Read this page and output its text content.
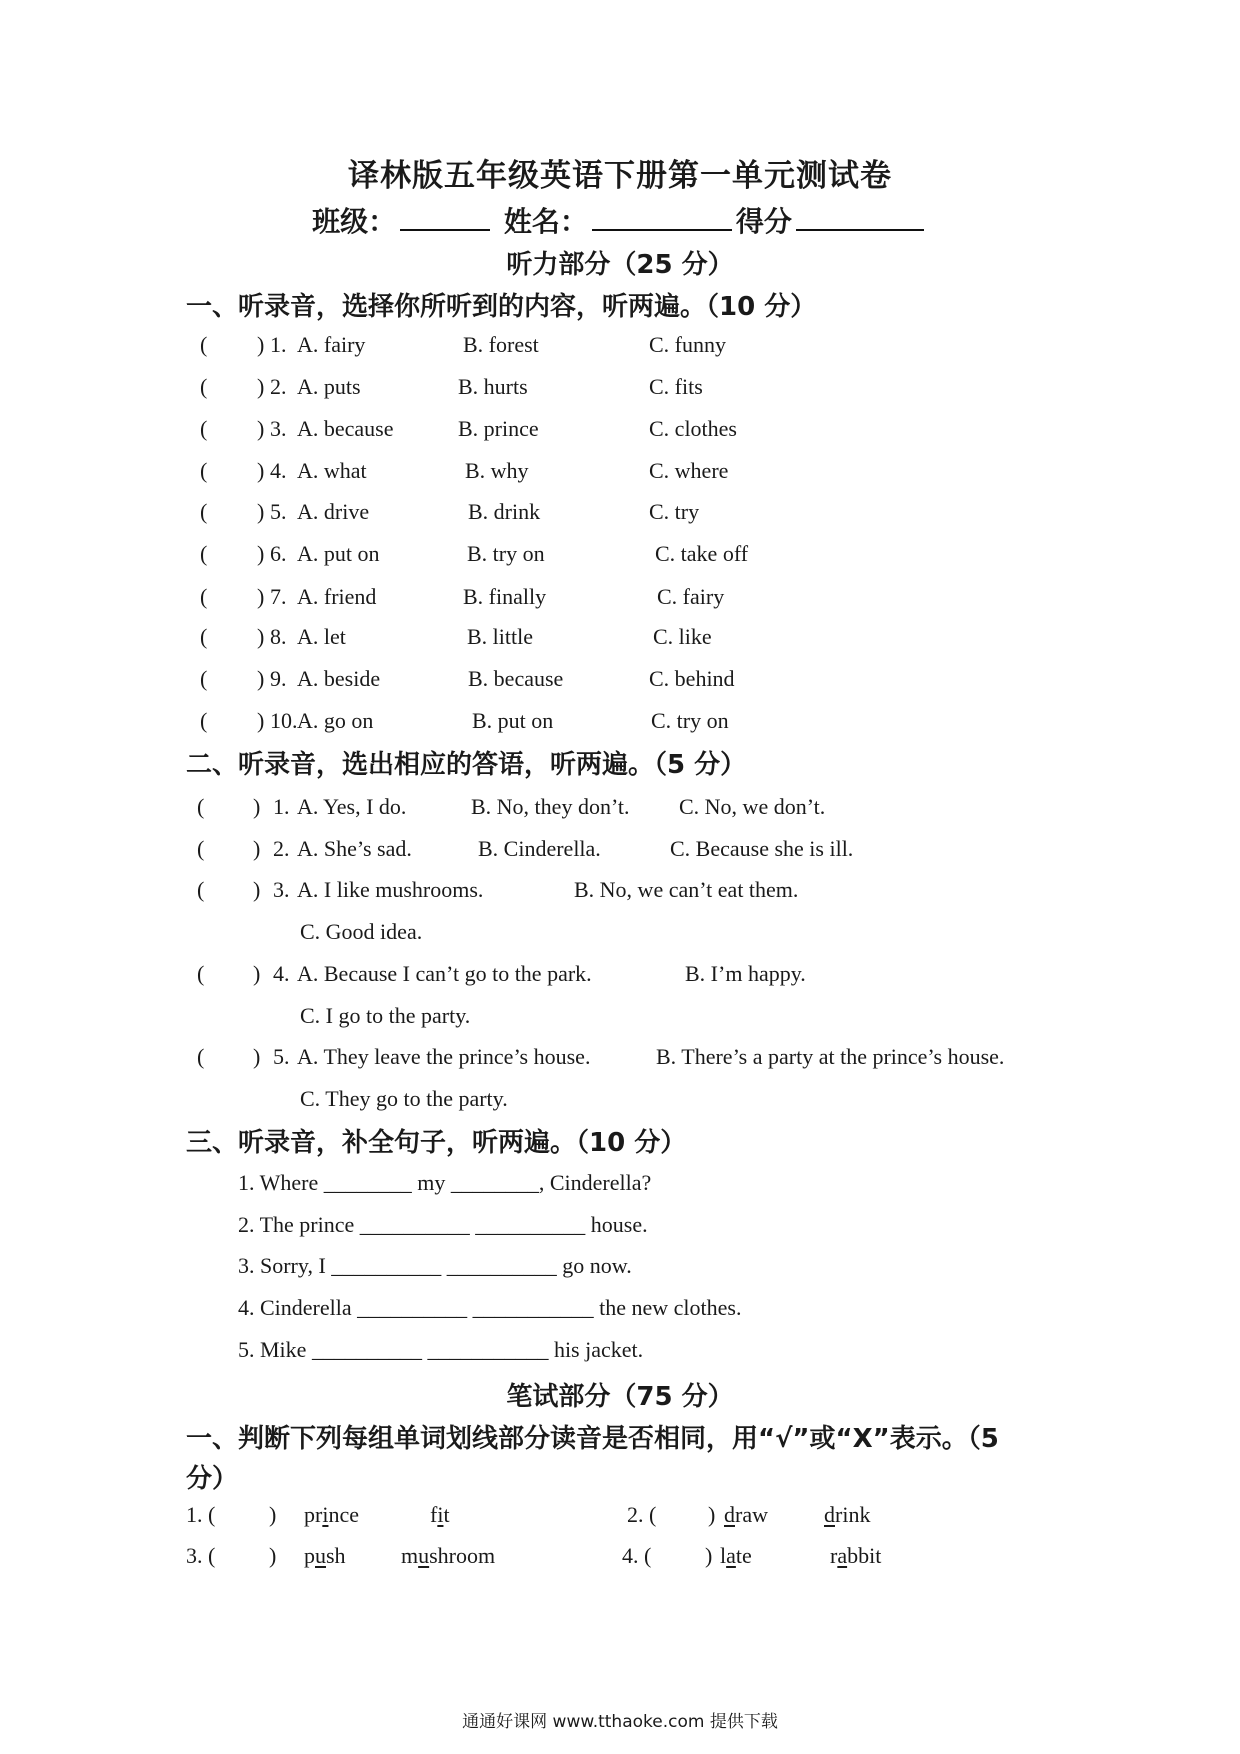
译林版五年级英语下册第一单元测试卷
班级：	姓名：	得分
听力部分（25 分）
一、听录音，选择你所听到的内容，听两遍。（10 分）
( ) 1. A. fairy	B. forest	C. funny
( ) 2. A. puts	B. hurts	C. fits
( ) 3. A. because	B. prince	C. clothes
( ) 4. A. what	B. why	C. where
( ) 5. A. drive	B. drink	C. try
( ) 6. A. put on	B. try on	C. take off
( ) 7. A. friend	B. finally	C. fairy
( ) 8. A. let	B. little	C. like
( ) 9. A. beside	B. because	C. behind
( ) 10. A. go on	B. put on	C. try on
二、听录音，选出相应的答语，听两遍。（5 分）
( ) 1. A. Yes, I do.	B. No, they don’t. C. No, we don’t.
( ) 2. A. She’s sad.	B. Cinderella.	C. Because she is ill.
( ) 3. A. I like mushrooms.	B. No, we can’t eat them.
C. Good idea.
( ) 4. A. Because I can’t go to the park.	B. I’m happy.
C. I go to the party.
( ) 5. A. They leave the prince’s house.	B. There’s a party at the prince’s house.
C. They go to the party.
三、听录音，补全句子，听两遍。（10 分）
1. Where ________ my ________, Cinderella?
2. The prince __________ __________ house.
3. Sorry, I __________ __________ go now.
4. Cinderella __________ ___________ the new clothes.
5. Mike __________ ___________ his jacket.
笔试部分（75 分）
一、判断下列每组单词划线部分读音是否相同，用“√”或“X”表示。（5
分）
1. ( ) prince	fit	2. ( ) draw	drink
3. ( ) push	mushroom	4. ( ) late	rabbit
通通好课网 www.tthaoke.com 提供下载
